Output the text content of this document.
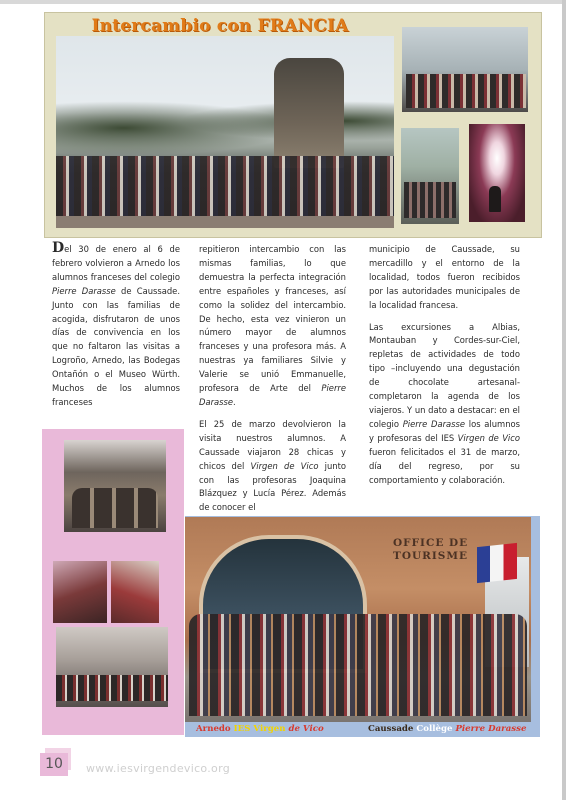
Intercambio con FRANCIA

Del 30 de enero al 6 de febrero volvieron a Arnedo los alumnos franceses del colegio Pierre Darasse de Caussade. Junto con las familias de acogida, disfrutaron de unos días de convivencia en los que no faltaron las visitas a Logroño, Arnedo, las Bodegas Ontañón o el Museo Würth. Muchos de los alumnos franceses

repitieron intercambio con las mismas familias, lo que demuestra la perfecta integración entre españoles y franceses, así como la solidez del intercambio. De hecho, esta vez vinieron un número mayor de alumnos franceses y una profesora más. A nuestras ya familiares Silvie y Valerie se unió Emmanuelle, profesora de Arte del Pierre Darasse.

El 25 de marzo devolvieron la visita nuestros alumnos. A Caussade viajaron 28 chicas y chicos del Virgen de Vico junto con las profesoras Joaquina Blázquez y Lucía Pérez. Además de conocer el

municipio de Caussade, su mercadillo y el entorno de la localidad, todos fueron recibidos por las autoridades municipales de la localidad francesa.

Las excursiones a Albias, Montauban y Cordes-sur-Ciel, repletas de actividades de todo tipo –incluyendo una degustación de chocolate artesanal- completaron la agenda de los viajeros. Y un dato a destacar: en el colegio Pierre Darasse los alumnos y profesoras del IES Virgen de Vico fueron felicitados el 31 de marzo, día del regreso, por su comportamiento y colaboración.

OFFICE DE TOURISME
Arnedo IES Virgen de Vico	Caussade Collège Pierre Darasse
10	www.iesvirgendevico.org
